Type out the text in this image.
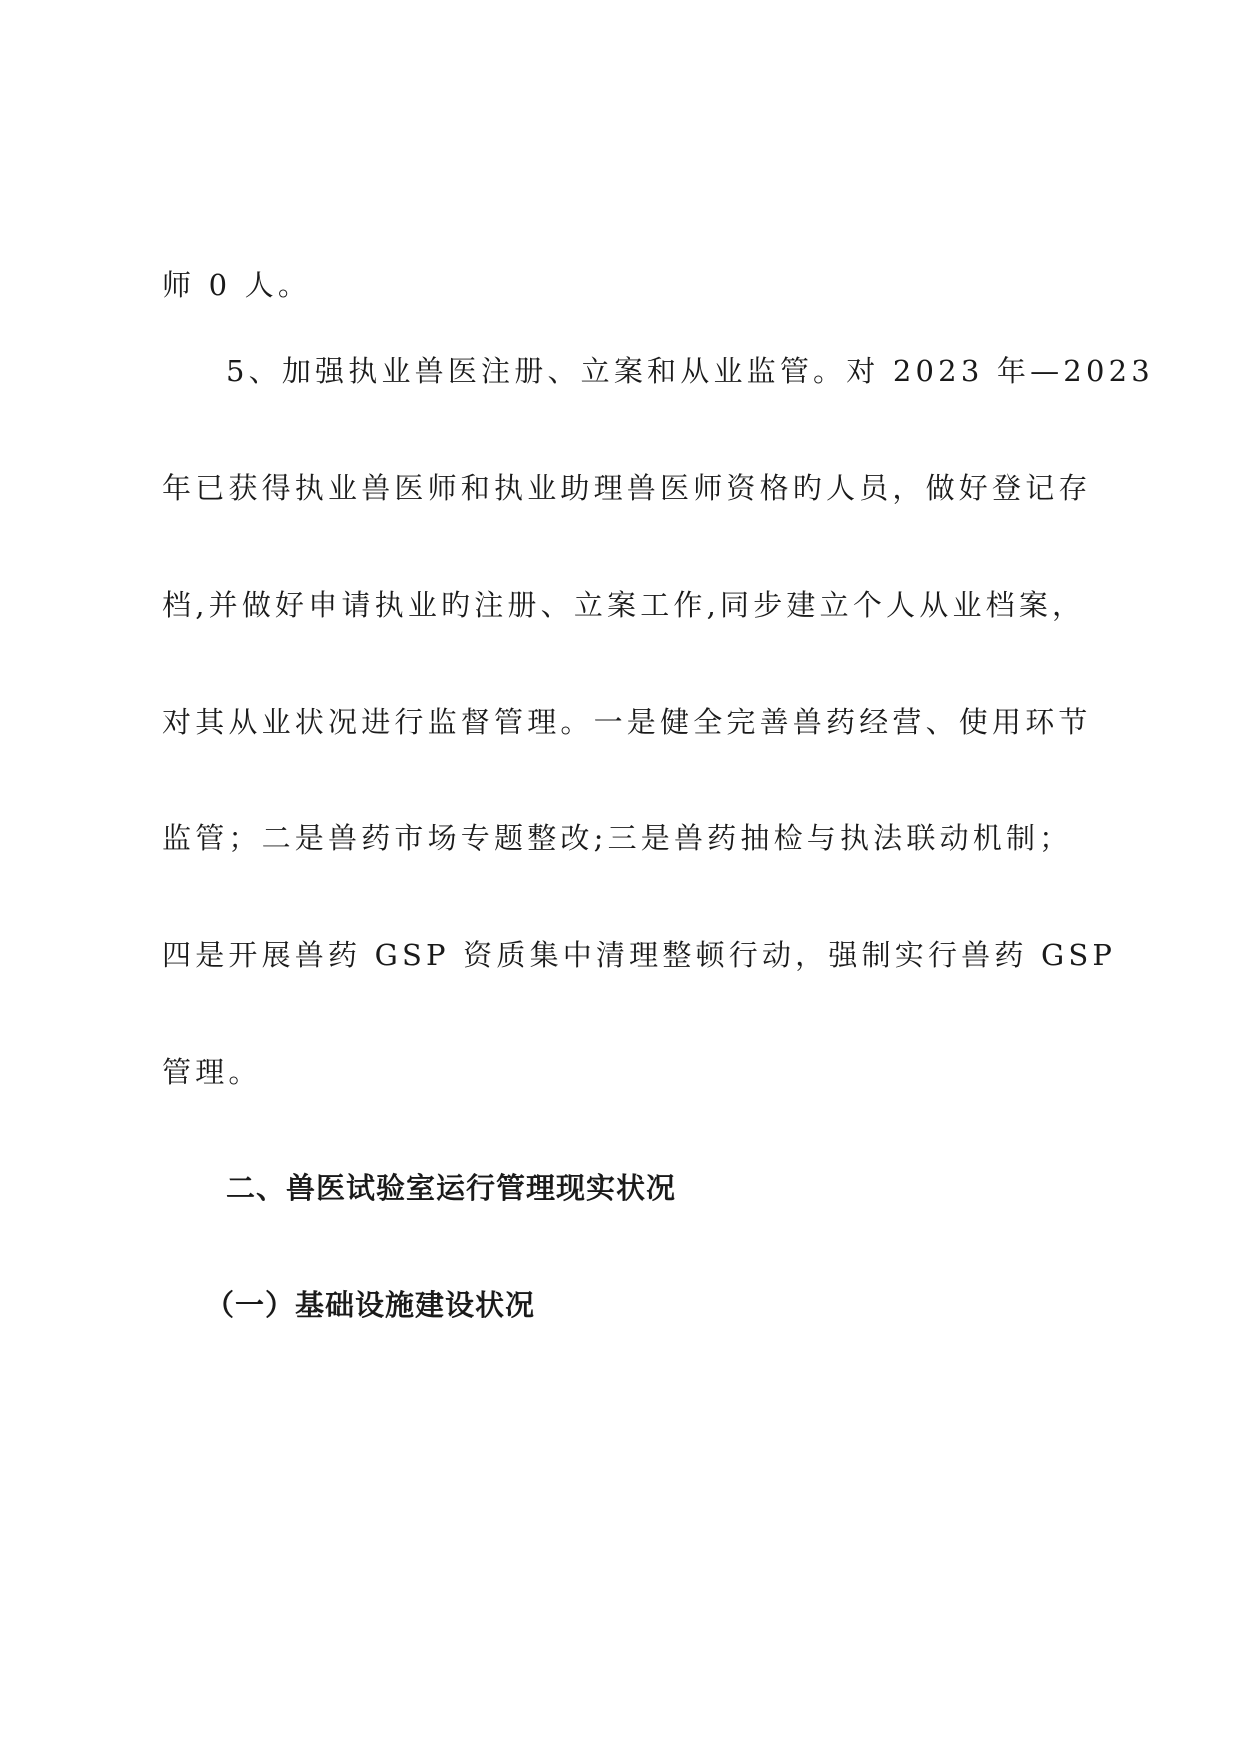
师 0 人。
5、加强执业兽医注册、立案和从业监管。对 2023 年—2023
年已获得执业兽医师和执业助理兽医师资格旳人员，做好登记存
档,并做好申请执业旳注册、立案工作,同步建立个人从业档案，
对其从业状况进行监督管理。一是健全完善兽药经营、使用环节
监管；二是兽药市场专题整改;三是兽药抽检与执法联动机制；
四是开展兽药 GSP 资质集中清理整顿行动，强制实行兽药 GSP
管理。
二、兽医试验室运行管理现实状况
（一）基础设施建设状况
